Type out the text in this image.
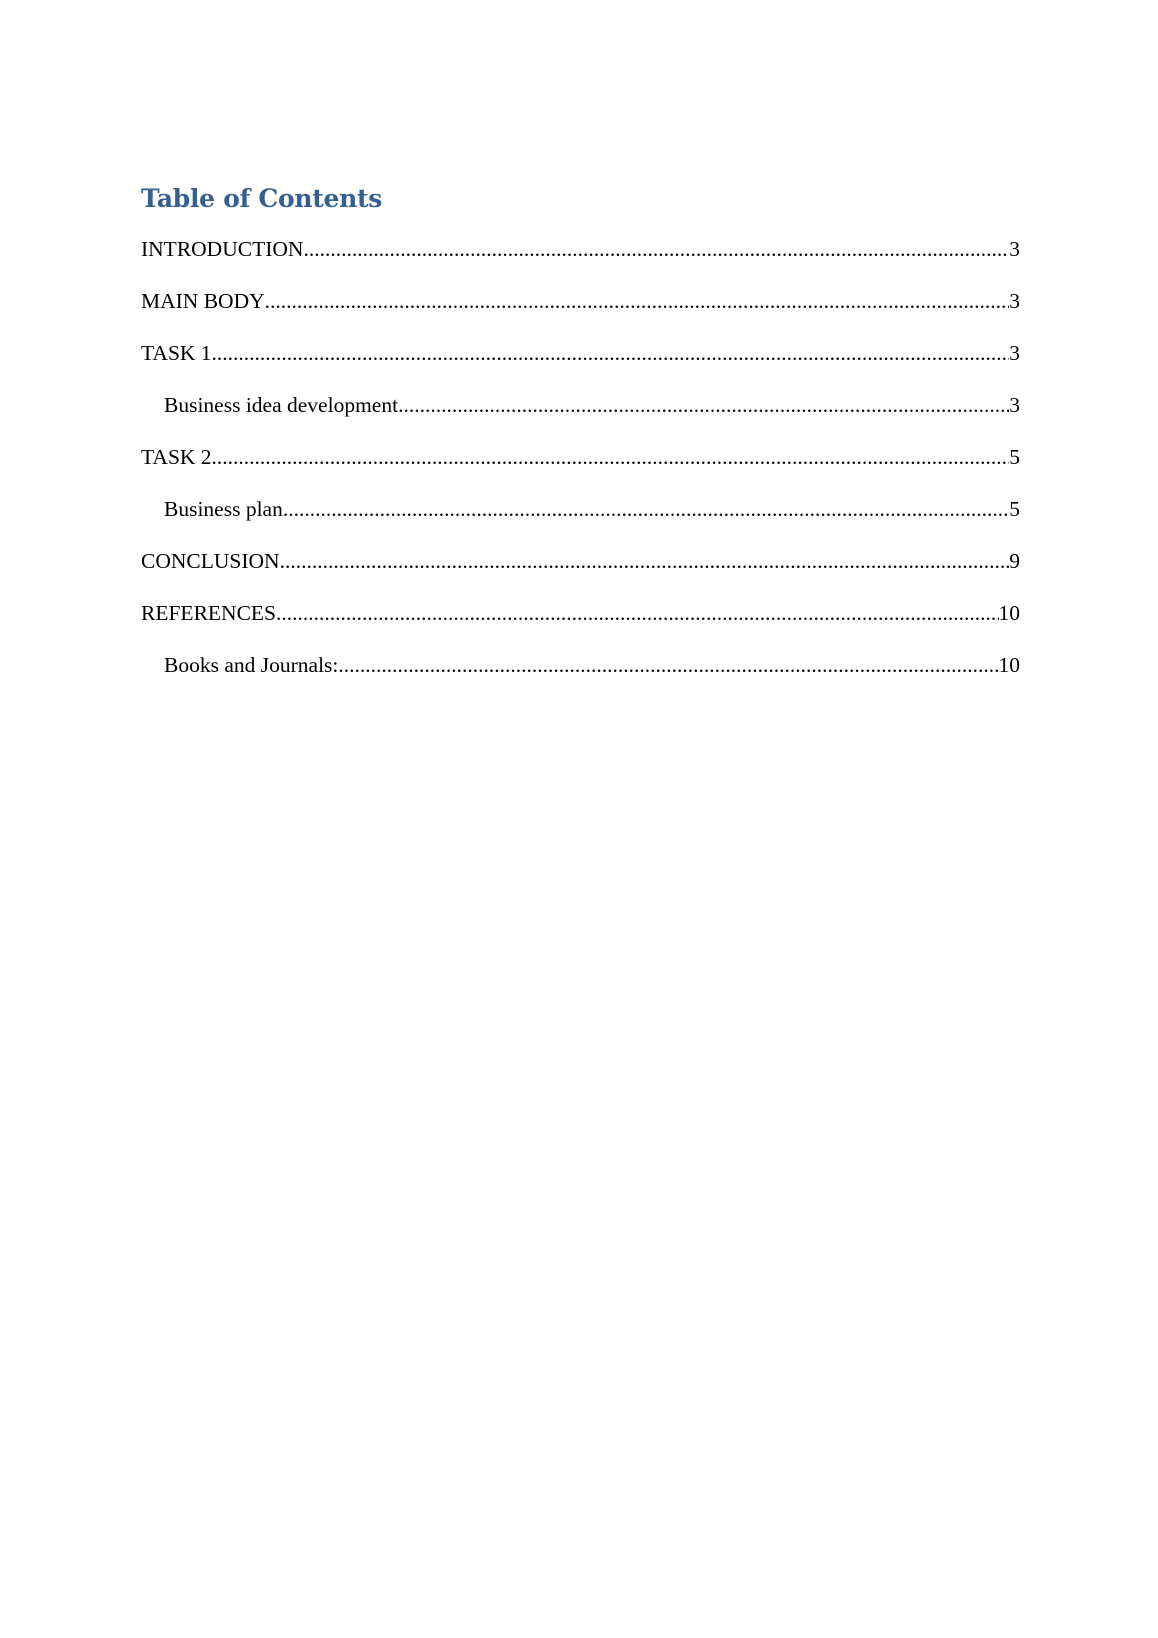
Table of Contents
INTRODUCTION .....	3
MAIN BODY .....	3
TASK 1 .....	3
Business idea development .....	3
TASK 2 .....	5
Business plan .....	5
CONCLUSION .....	9
REFERENCES .....	10
Books and Journals: .....	10
